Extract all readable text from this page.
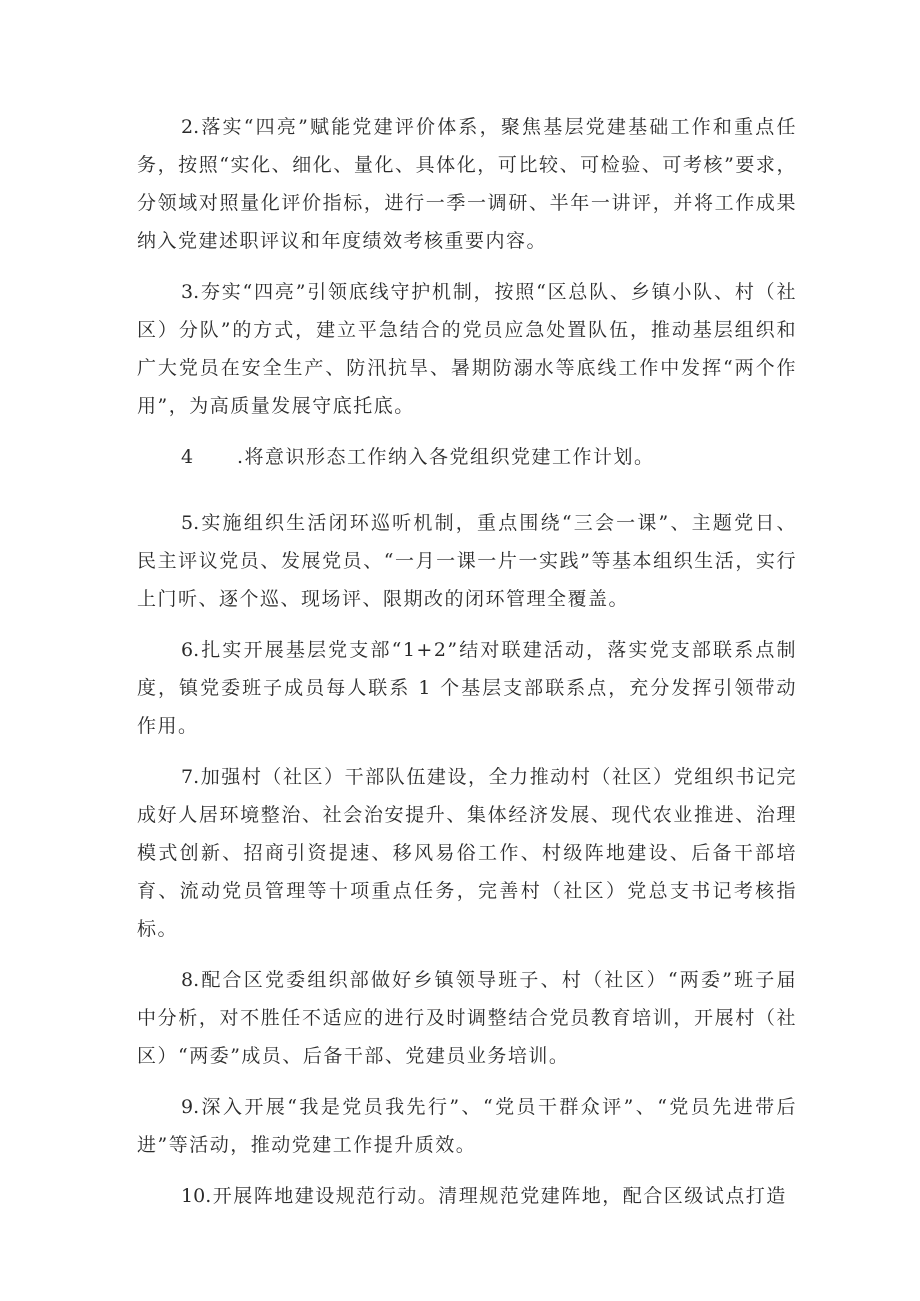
2.落实“四亮”赋能党建评价体系，聚焦基层党建基础工作和重点任务，按照“实化、细化、量化、具体化，可比较、可检验、可考核”要求，分领域对照量化评价指标，进行一季一调研、半年一讲评，并将工作成果纳入党建述职评议和年度绩效考核重要内容。

3.夯实“四亮”引领底线守护机制，按照“区总队、乡镇小队、村（社区）分队”的方式，建立平急结合的党员应急处置队伍，推动基层组织和广大党员在安全生产、防汛抗旱、暑期防溺水等底线工作中发挥“两个作用”，为高质量发展守底托底。

4 .将意识形态工作纳入各党组织党建工作计划。

5.实施组织生活闭环巡听机制，重点围绕“三会一课”、主题党日、民主评议党员、发展党员、“一月一课一片一实践”等基本组织生活，实行上门听、逐个巡、现场评、限期改的闭环管理全覆盖。

6.扎实开展基层党支部“1+2”结对联建活动，落实党支部联系点制度，镇党委班子成员每人联系 1 个基层支部联系点，充分发挥引领带动作用。

7.加强村（社区）干部队伍建设，全力推动村（社区）党组织书记完成好人居环境整治、社会治安提升、集体经济发展、现代农业推进、治理模式创新、招商引资提速、移风易俗工作、村级阵地建设、后备干部培育、流动党员管理等十项重点任务，完善村（社区）党总支书记考核指标。

8.配合区党委组织部做好乡镇领导班子、村（社区）“两委”班子届中分析，对不胜任不适应的进行及时调整结合党员教育培训，开展村（社区）“两委”成员、后备干部、党建员业务培训。

9.深入开展“我是党员我先行”、“党员干群众评”、“党员先进带后进”等活动，推动党建工作提升质效。

10.开展阵地建设规范行动。清理规范党建阵地，配合区级试点打造
